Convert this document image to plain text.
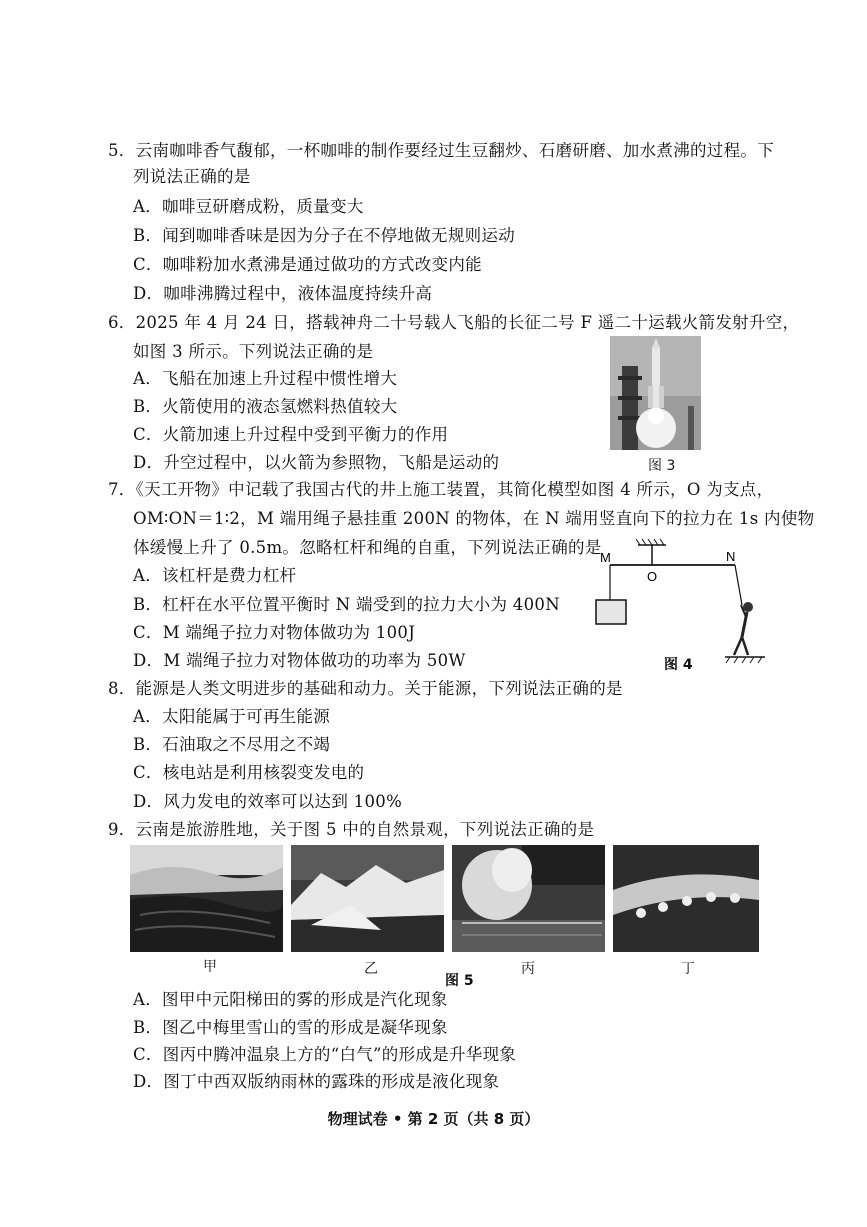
5．云南咖啡香气馥郁，一杯咖啡的制作要经过生豆翻炒、石磨研磨、加水煮沸的过程。下
列说法正确的是
A．咖啡豆研磨成粉，质量变大
B．闻到咖啡香味是因为分子在不停地做无规则运动
C．咖啡粉加水煮沸是通过做功的方式改变内能
D．咖啡沸腾过程中，液体温度持续升高
6．2025 年 4 月 24 日，搭载神舟二十号载人飞船的长征二号 F 遥二十运载火箭发射升空，
如图 3 所示。下列说法正确的是
A．飞船在加速上升过程中惯性增大
B．火箭使用的液态氢燃料热值较大
C．火箭加速上升过程中受到平衡力的作用
D．升空过程中，以火箭为参照物，飞船是运动的	图 3
7．《天工开物》中记载了我国古代的井上施工装置，其简化模型如图 4 所示，O 为支点，
OM∶ON＝1∶2，M 端用绳子悬挂重 200N 的物体，在 N 端用竖直向下的拉力在 1s 内使物
体缓慢上升了 0.5m。忽略杠杆和绳的自重，下列说法正确的是
A．该杠杆是费力杠杆
B．杠杆在水平位置平衡时 N 端受到的拉力大小为 400N
C．M 端绳子拉力对物体做功为 100J
D．M 端绳子拉力对物体做功的功率为 50W
M
O
N
图 4
8．能源是人类文明进步的基础和动力。关于能源，下列说法正确的是
A．太阳能属于可再生能源
B．石油取之不尽用之不竭
C．核电站是利用核裂变发电的
D．风力发电的效率可以达到 100%
9．云南是旅游胜地，关于图 5 中的自然景观，下列说法正确的是
甲	乙	丙	丁
图 5
A．图甲中元阳梯田的雾的形成是汽化现象
B．图乙中梅里雪山的雪的形成是凝华现象
C．图丙中腾冲温泉上方的“白气”的形成是升华现象
D．图丁中西双版纳雨林的露珠的形成是液化现象
物理试卷 • 第 2 页（共 8 页）
